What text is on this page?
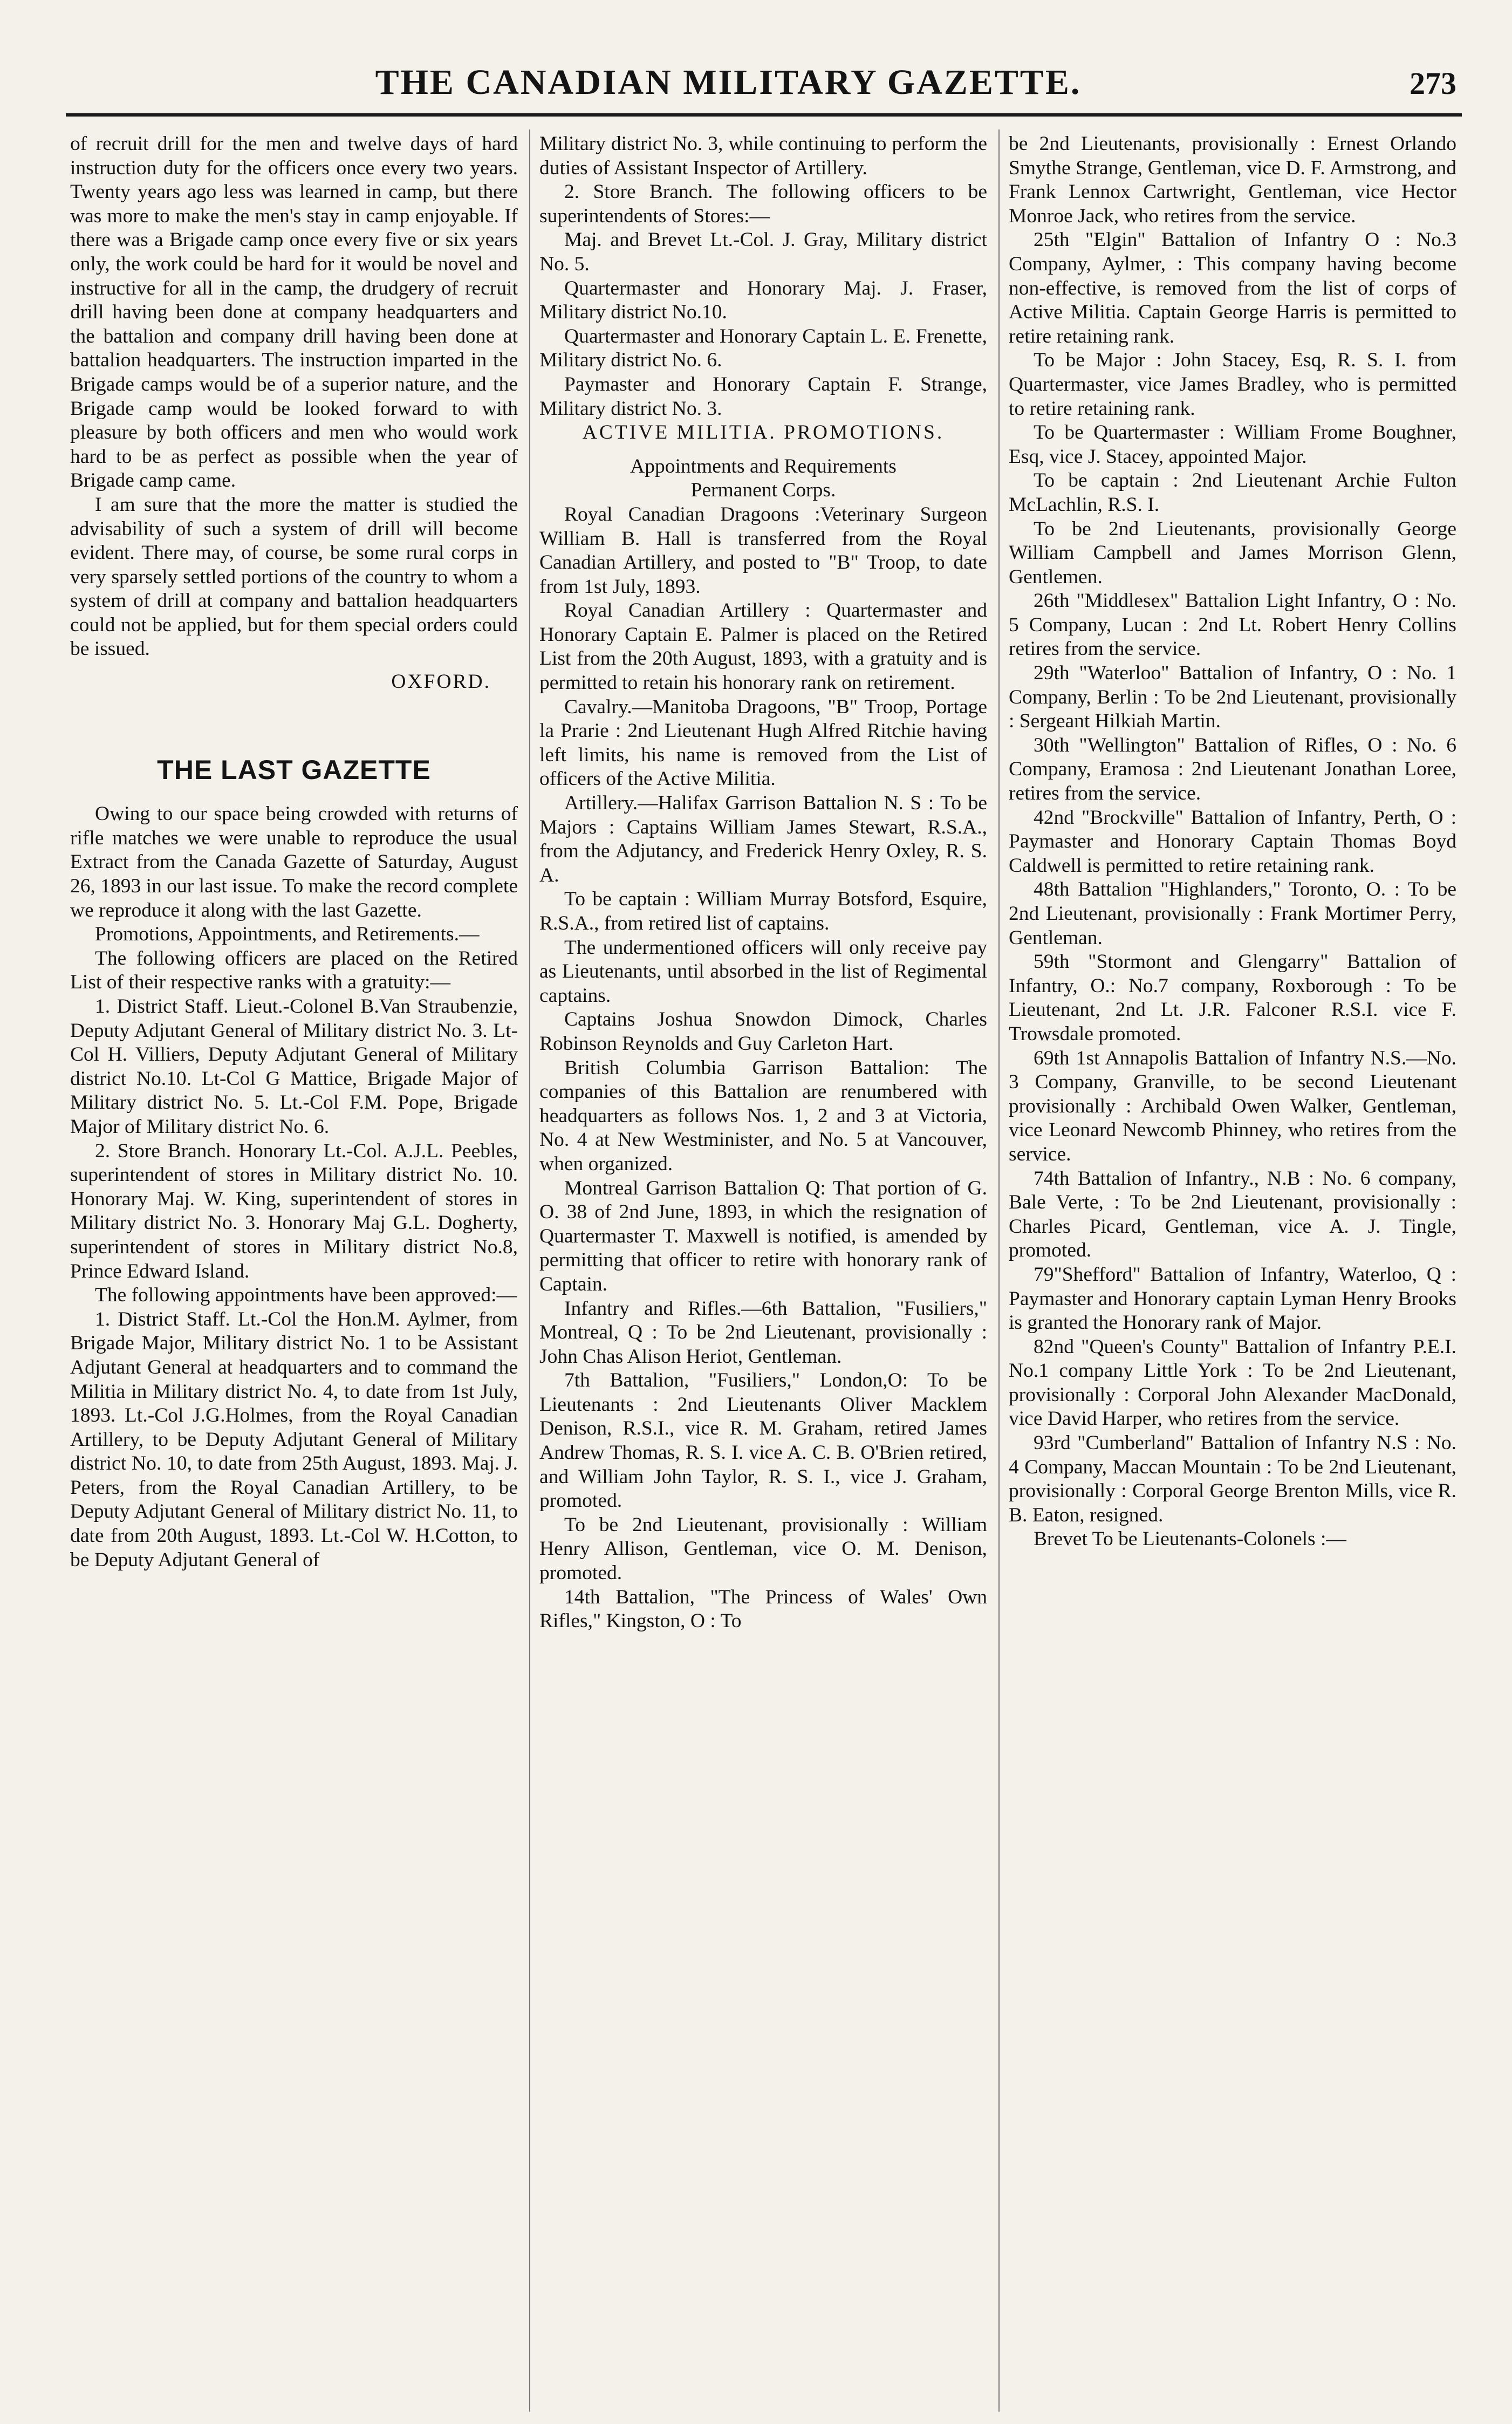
THE CANADIAN MILITARY GAZETTE.	273

of recruit drill for the men and twelve days of hard instruction duty for the officers once every two years. Twenty years ago less was learned in camp, but there was more to make the men's stay in camp enjoyable. If there was a Brigade camp once every five or six years only, the work could be hard for it would be novel and instructive for all in the camp, the drudgery of recruit drill having been done at company headquarters and the battalion and company drill having been done at battalion headquarters. The instruction imparted in the Brigade camps would be of a superior nature, and the Brigade camp would be looked forward to with pleasure by both officers and men who would work hard to be as perfect as possible when the year of Brigade camp came.

I am sure that the more the matter is studied the advisability of such a system of drill will become evident. There may, of course, be some rural corps in very sparsely settled portions of the country to whom a system of drill at company and battalion headquarters could not be applied, but for them special orders could be issued.

OXFORD.
THE LAST GAZETTE

Owing to our space being crowded with returns of rifle matches we were unable to reproduce the usual Extract from the Canada Gazette of Saturday, August 26, 1893 in our last issue. To make the record complete we reproduce it along with the last Gazette.

Promotions, Appointments, and Retirements.—

The following officers are placed on the Retired List of their respective ranks with a gratuity:—

1. District Staff. Lieut.-Colonel B.Van Straubenzie, Deputy Adjutant General of Military district No. 3. Lt-Col H. Villiers, Deputy Adjutant General of Military district No.10. Lt-Col G Mattice, Brigade Major of Military district No. 5. Lt.-Col F.M. Pope, Brigade Major of Military district No. 6.

2. Store Branch. Honorary Lt.-Col. A.J.L. Peebles, superintendent of stores in Military district No. 10. Honorary Maj. W. King, superintendent of stores in Military district No. 3. Honorary Maj G.L. Dogherty, superintendent of stores in Military district No.8, Prince Edward Island.

The following appointments have been approved:—

1. District Staff. Lt.-Col the Hon.M. Aylmer, from Brigade Major, Military district No. 1 to be Assistant Adjutant General at headquarters and to command the Militia in Military district No. 4, to date from 1st July, 1893. Lt.-Col J.G.Holmes, from the Royal Canadian Artillery, to be Deputy Adjutant General of Military district No. 10, to date from 25th August, 1893. Maj. J. Peters, from the Royal Canadian Artillery, to be Deputy Adjutant General of Military district No. 11, to date from 20th August, 1893. Lt.-Col W. H.Cotton, to be Deputy Adjutant General of

Military district No. 3, while continuing to perform the duties of Assistant Inspector of Artillery.

2. Store Branch. The following officers to be superintendents of Stores:—

Maj. and Brevet Lt.-Col. J. Gray, Military district No. 5.

Quartermaster and Honorary Maj. J. Fraser, Military district No.10.

Quartermaster and Honorary Captain L. E. Frenette, Military district No. 6.

Paymaster and Honorary Captain F. Strange, Military district No. 3.

ACTIVE MILITIA. PROMOTIONS.

Appointments and Requirements

Permanent Corps.

Royal Canadian Dragoons :Veterinary Surgeon William B. Hall is transferred from the Royal Canadian Artillery, and posted to "B" Troop, to date from 1st July, 1893.

Royal Canadian Artillery : Quartermaster and Honorary Captain E. Palmer is placed on the Retired List from the 20th August, 1893, with a gratuity and is permitted to retain his honorary rank on retirement.

Cavalry.—Manitoba Dragoons, "B" Troop, Portage la Prarie : 2nd Lieutenant Hugh Alfred Ritchie having left limits, his name is removed from the List of officers of the Active Militia.

Artillery.—Halifax Garrison Battalion N. S : To be Majors : Captains William James Stewart, R.S.A., from the Adjutancy, and Frederick Henry Oxley, R. S. A.

To be captain : William Murray Botsford, Esquire, R.S.A., from retired list of captains.

The undermentioned officers will only receive pay as Lieutenants, until absorbed in the list of Regimental captains.

Captains Joshua Snowdon Dimock, Charles Robinson Reynolds and Guy Carleton Hart.

British Columbia Garrison Battalion: The companies of this Battalion are renumbered with headquarters as follows Nos. 1, 2 and 3 at Victoria, No. 4 at New Westminister, and No. 5 at Vancouver, when organized.

Montreal Garrison Battalion Q: That portion of G. O. 38 of 2nd June, 1893, in which the resignation of Quartermaster T. Maxwell is notified, is amended by permitting that officer to retire with honorary rank of Captain.

Infantry and Rifles.—6th Battalion, "Fusiliers," Montreal, Q : To be 2nd Lieutenant, provisionally : John Chas Alison Heriot, Gentleman.

7th Battalion, "Fusiliers," London,O: To be Lieutenants : 2nd Lieutenants Oliver Macklem Denison, R.S.I., vice R. M. Graham, retired James Andrew Thomas, R. S. I. vice A. C. B. O'Brien retired, and William John Taylor, R. S. I., vice J. Graham, promoted.

To be 2nd Lieutenant, provisionally : William Henry Allison, Gentleman, vice O. M. Denison, promoted.

14th Battalion, "The Princess of Wales' Own Rifles," Kingston, O : To

be 2nd Lieutenants, provisionally : Ernest Orlando Smythe Strange, Gentleman, vice D. F. Armstrong, and Frank Lennox Cartwright, Gentleman, vice Hector Monroe Jack, who retires from the service.

25th "Elgin" Battalion of Infantry O : No.3 Company, Aylmer, : This company having become non-effective, is removed from the list of corps of Active Militia. Captain George Harris is permitted to retire retaining rank.

To be Major : John Stacey, Esq, R. S. I. from Quartermaster, vice James Bradley, who is permitted to retire retaining rank.

To be Quartermaster : William Frome Boughner, Esq, vice J. Stacey, appointed Major.

To be captain : 2nd Lieutenant Archie Fulton McLachlin, R.S. I.

To be 2nd Lieutenants, provisionally George William Campbell and James Morrison Glenn, Gentlemen.

26th "Middlesex" Battalion Light Infantry, O : No. 5 Company, Lucan : 2nd Lt. Robert Henry Collins retires from the service.

29th "Waterloo" Battalion of Infantry, O : No. 1 Company, Berlin : To be 2nd Lieutenant, provisionally : Sergeant Hilkiah Martin.

30th "Wellington" Battalion of Rifles, O : No. 6 Company, Eramosa : 2nd Lieutenant Jonathan Loree, retires from the service.

42nd "Brockville" Battalion of Infantry, Perth, O : Paymaster and Honorary Captain Thomas Boyd Caldwell is permitted to retire retaining rank.

48th Battalion "Highlanders," Toronto, O. : To be 2nd Lieutenant, provisionally : Frank Mortimer Perry, Gentleman.

59th "Stormont and Glengarry" Battalion of Infantry, O.: No.7 company, Roxborough : To be Lieutenant, 2nd Lt. J.R. Falconer R.S.I. vice F. Trowsdale promoted.

69th 1st Annapolis Battalion of Infantry N.S.—No. 3 Company, Granville, to be second Lieutenant provisionally : Archibald Owen Walker, Gentleman, vice Leonard Newcomb Phinney, who retires from the service.

74th Battalion of Infantry., N.B : No. 6 company, Bale Verte, : To be 2nd Lieutenant, provisionally : Charles Picard, Gentleman, vice A. J. Tingle, promoted.

79"Shefford" Battalion of Infantry, Waterloo, Q : Paymaster and Honorary captain Lyman Henry Brooks is granted the Honorary rank of Major.

82nd "Queen's County" Battalion of Infantry P.E.I. No.1 company Little York : To be 2nd Lieutenant, provisionally : Corporal John Alexander MacDonald, vice David Harper, who retires from the service.

93rd "Cumberland" Battalion of Infantry N.S : No. 4 Company, Maccan Mountain : To be 2nd Lieutenant, provisionally : Corporal George Brenton Mills, vice R. B. Eaton, resigned.

Brevet To be Lieutenants-Colonels :—
